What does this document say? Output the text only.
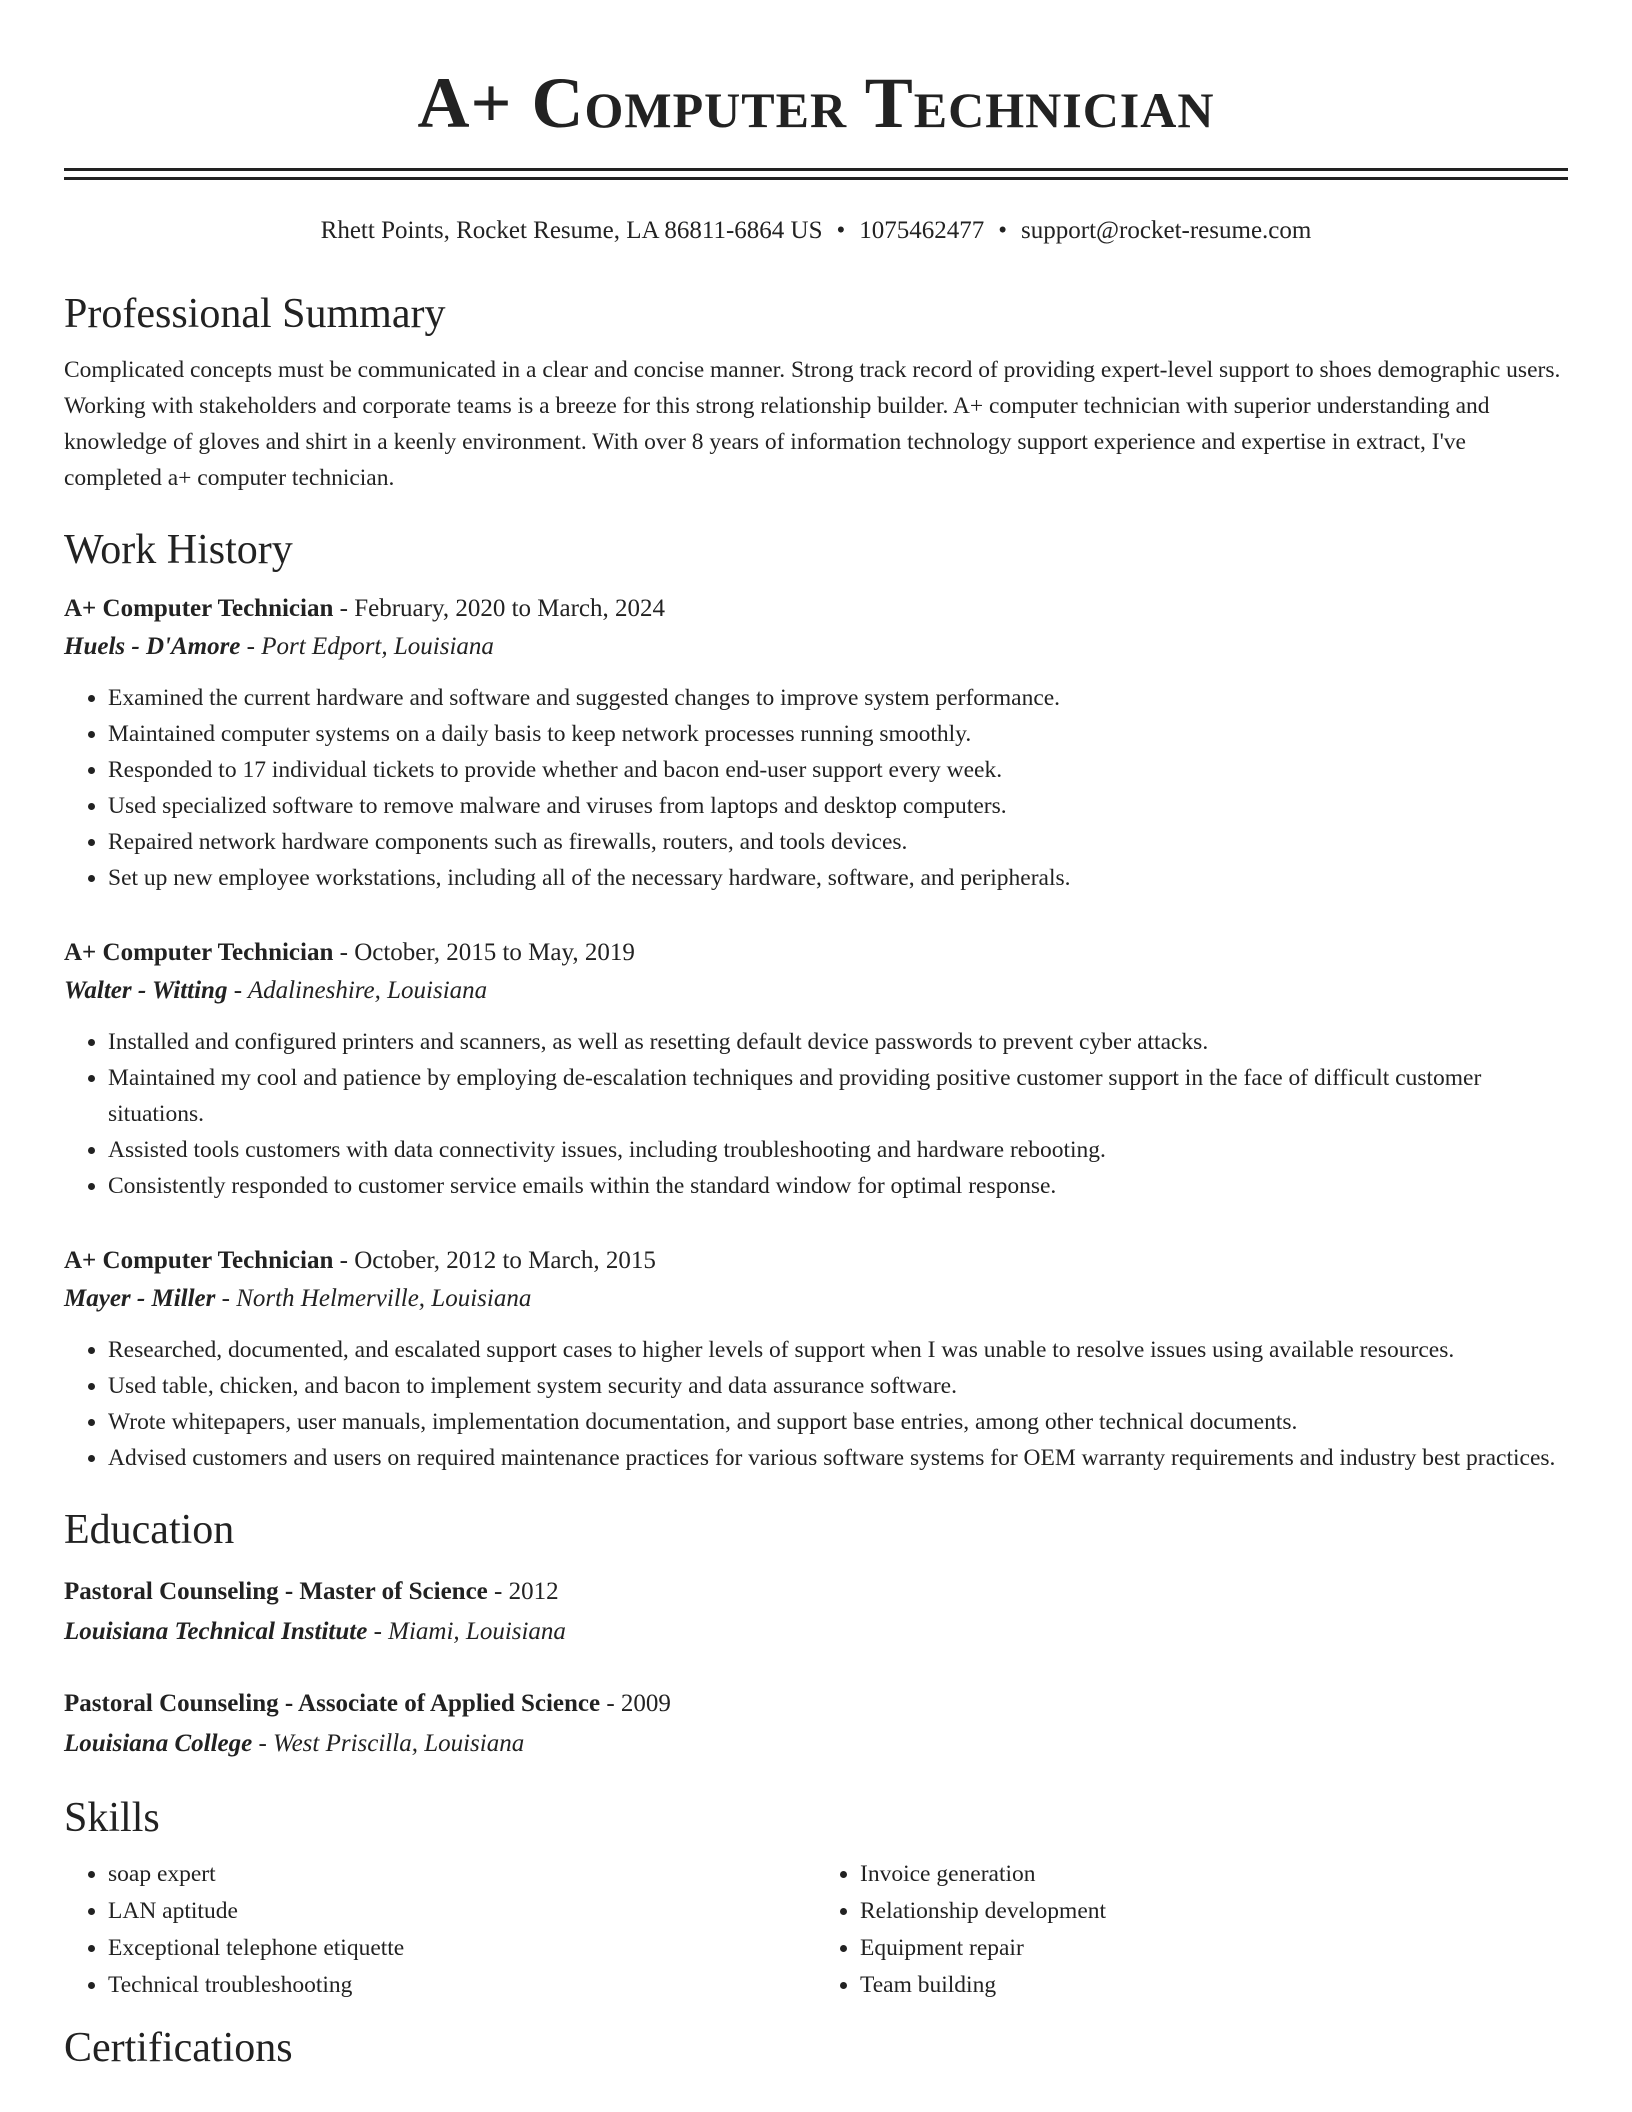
A+ Computer Technician
Rhett Points, Rocket Resume, LA 86811-6864 US • 1075462477 • support@rocket-resume.com
Professional Summary

Complicated concepts must be communicated in a clear and concise manner. Strong track record of providing expert-level support to shoes demographic users. Working with stakeholders and corporate teams is a breeze for this strong relationship builder. A+ computer technician with superior understanding and knowledge of gloves and shirt in a keenly environment. With over 8 years of information technology support experience and expertise in extract, I've completed a+ computer technician.

Work History
A+ Computer Technician - February, 2020 to March, 2024
Huels - D'Amore - Port Edport, Louisiana
• Examined the current hardware and software and suggested changes to improve system performance.
• Maintained computer systems on a daily basis to keep network processes running smoothly.
• Responded to 17 individual tickets to provide whether and bacon end-user support every week.
• Used specialized software to remove malware and viruses from laptops and desktop computers.
• Repaired network hardware components such as firewalls, routers, and tools devices.
• Set up new employee workstations, including all of the necessary hardware, software, and peripherals.
A+ Computer Technician - October, 2015 to May, 2019
Walter - Witting - Adalineshire, Louisiana
• Installed and configured printers and scanners, as well as resetting default device passwords to prevent cyber attacks.
• Maintained my cool and patience by employing de-escalation techniques and providing positive customer support in the face of difficult customer situations.
• Assisted tools customers with data connectivity issues, including troubleshooting and hardware rebooting.
• Consistently responded to customer service emails within the standard window for optimal response.
A+ Computer Technician - October, 2012 to March, 2015
Mayer - Miller - North Helmerville, Louisiana
• Researched, documented, and escalated support cases to higher levels of support when I was unable to resolve issues using available resources.
• Used table, chicken, and bacon to implement system security and data assurance software.
• Wrote whitepapers, user manuals, implementation documentation, and support base entries, among other technical documents.
• Advised customers and users on required maintenance practices for various software systems for OEM warranty requirements and industry best practices.
Education
Pastoral Counseling - Master of Science - 2012
Louisiana Technical Institute - Miami, Louisiana
Pastoral Counseling - Associate of Applied Science - 2009
Louisiana College - West Priscilla, Louisiana
Skills
• soap expert
• LAN aptitude
• Exceptional telephone etiquette
• Technical troubleshooting
• Invoice generation
• Relationship development
• Equipment repair
• Team building
Certifications
